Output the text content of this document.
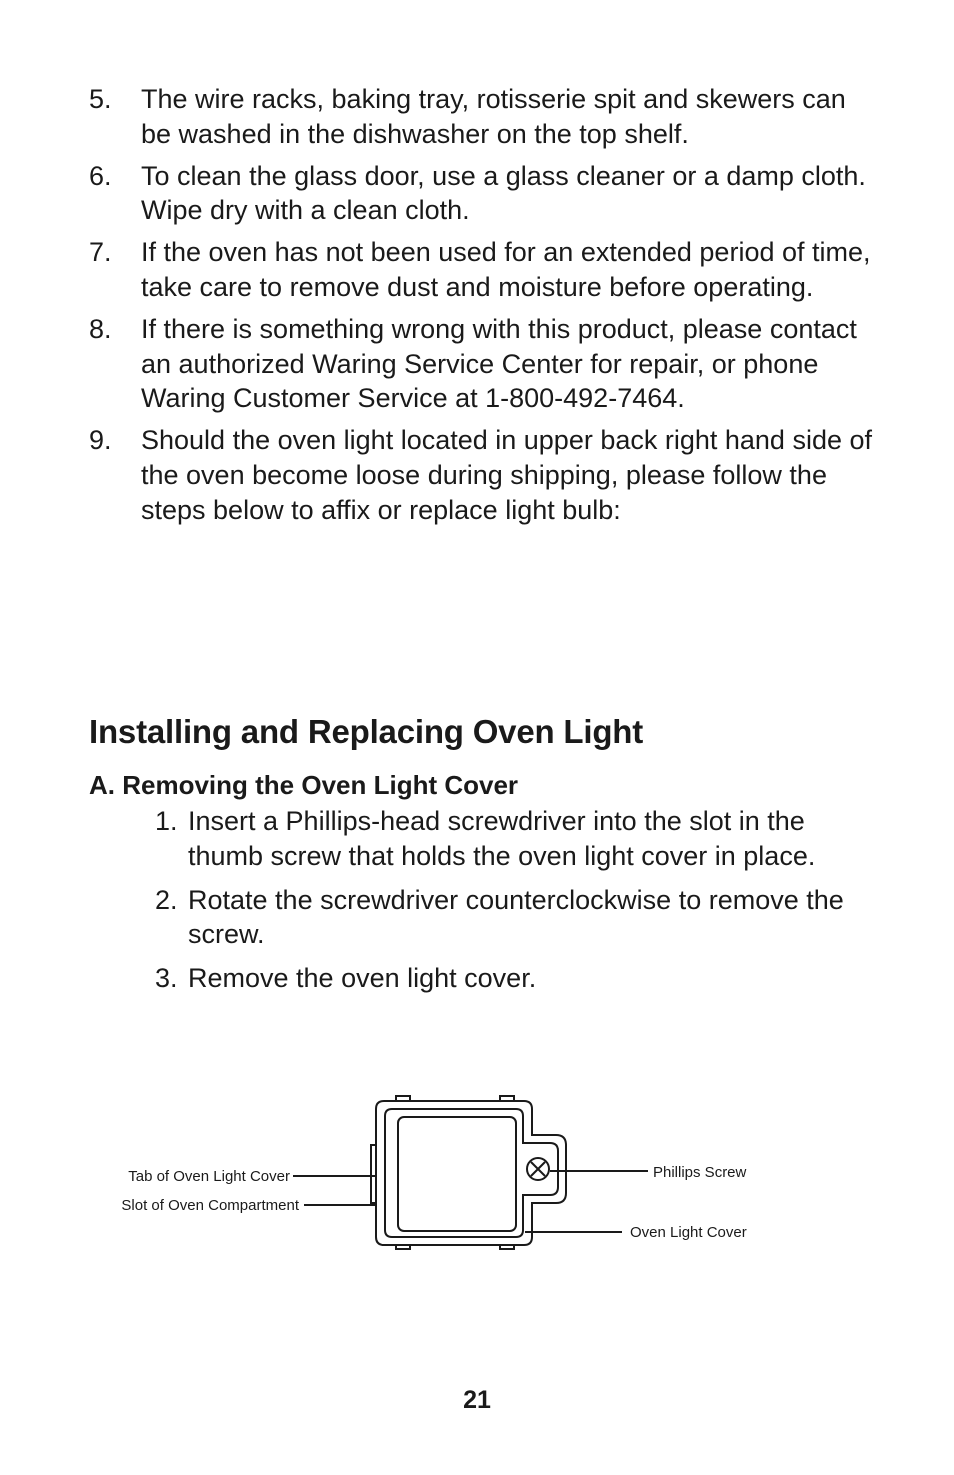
5. The wire racks, baking tray, rotisserie spit and skewers can be washed in the dishwasher on the top shelf.
6. To clean the glass door, use a glass cleaner or a damp cloth. Wipe dry with a clean cloth.
7. If the oven has not been used for an extended period of time, take care to remove dust and moisture before operating.
8. If there is something wrong with this product, please contact an authorized Waring Service Center for repair, or phone Waring Customer Service at 1-800-492-7464.
9. Should the oven light located in upper back right hand side of the oven become loose during shipping, please follow the steps below to affix or replace light bulb:
Installing and Replacing Oven Light
A. Removing the Oven Light Cover
1. Insert a Phillips-head screwdriver into the slot in the thumb screw that holds the oven light cover in place.
2. Rotate the screwdriver counterclockwise to remove the screw.
3. Remove the oven light cover.
Tab of Oven Light Cover
Slot of Oven Compartment
Phillips Screw
Oven Light Cover
21
